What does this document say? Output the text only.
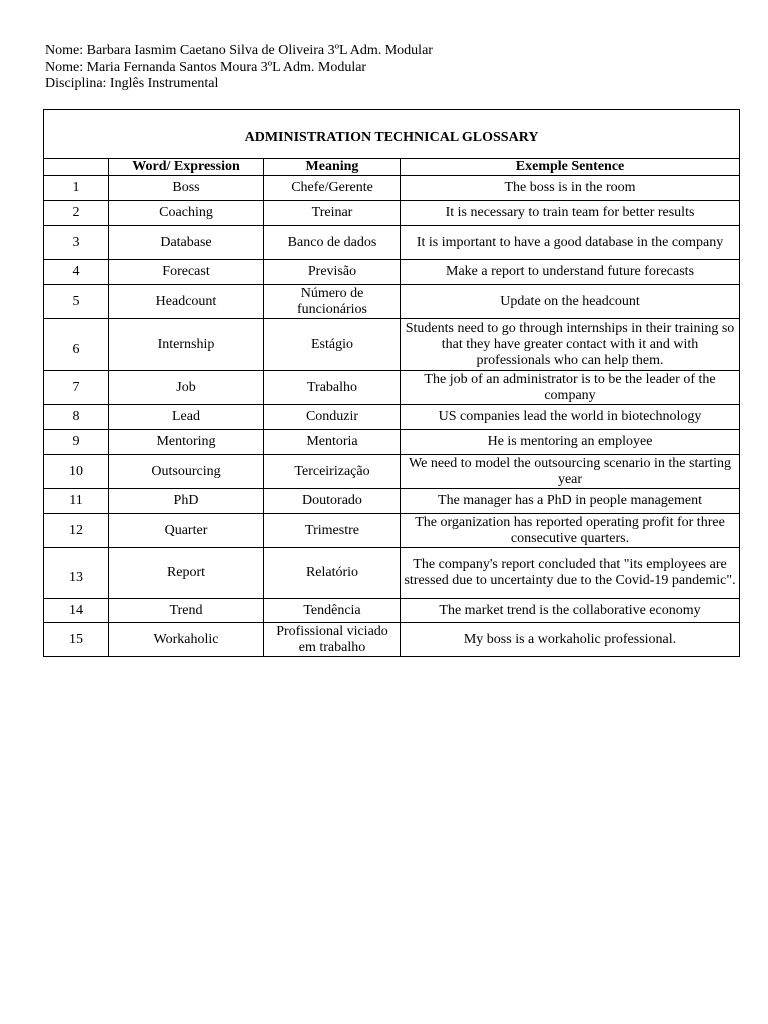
Nome: Barbara Iasmim Caetano Silva de Oliveira 3ºL Adm. Modular
Nome: Maria Fernanda Santos Moura 3ºL Adm. Modular
Disciplina: Inglês Instrumental
ADMINISTRATION TECHNICAL GLOSSARY			
	Word/ Expression	Meaning	Exemple Sentence
1	Boss	Chefe/Gerente	The boss is in the room
2	Coaching	Treinar	It is necessary to train team for better results
3	Database	Banco de dados	It is important to have a good database in the company
4	Forecast	Previsão	Make a report to understand future forecasts
5	Headcount	Número de funcionários	Update on the headcount
6	Internship	Estágio	Students need to go through internships in their training so that they have greater contact with it and with professionals who can help them.
7	Job	Trabalho	The job of an administrator is to be the leader of the company
8	Lead	Conduzir	US companies lead the world in biotechnology
9	Mentoring	Mentoria	He is mentoring an employee
10	Outsourcing	Terceirização	We need to model the outsourcing scenario in the starting year
11	PhD	Doutorado	The manager has a PhD in people management
12	Quarter	Trimestre	The organization has reported operating profit for three consecutive quarters.
13	Report	Relatório	The company's report concluded that "its employees are stressed due to uncertainty due to the Covid-19 pandemic".
14	Trend	Tendência	The market trend is the collaborative economy
15	Workaholic	Profissional viciado em trabalho	My boss is a workaholic professional.
